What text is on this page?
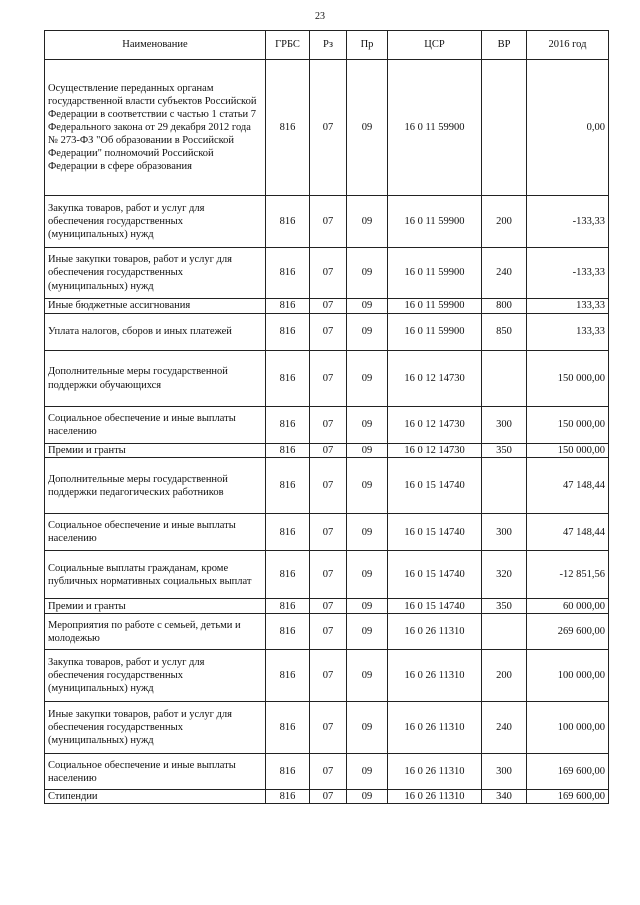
23
Наименование	ГРБС	Рз	Пр	ЦСР	ВР	2016 год
Осуществление переданных органам государственной власти субъектов Российской Федерации в соответствии с частью 1 статьи 7 Федерального закона от 29 декабря 2012 года № 273-ФЗ "Об образовании в Российской Федерации" полномочий Российской Федерации в сфере образования	816	07	09	16 0 11 59900		0,00
Закупка товаров, работ и услуг для обеспечения государственных (муниципальных) нужд	816	07	09	16 0 11 59900	200	-133,33
Иные закупки товаров, работ и услуг для обеспечения государственных (муниципальных) нужд	816	07	09	16 0 11 59900	240	-133,33
Иные бюджетные ассигнования	816	07	09	16 0 11 59900	800	133,33
Уплата налогов, сборов и иных платежей	816	07	09	16 0 11 59900	850	133,33
Дополнительные меры государственной поддержки обучающихся	816	07	09	16 0 12 14730		150 000,00
Социальное обеспечение и иные выплаты населению	816	07	09	16 0 12 14730	300	150 000,00
Премии и гранты	816	07	09	16 0 12 14730	350	150 000,00
Дополнительные меры государственной поддержки педагогических работников	816	07	09	16 0 15 14740		47 148,44
Социальное обеспечение и иные выплаты населению	816	07	09	16 0 15 14740	300	47 148,44
Социальные выплаты гражданам, кроме публичных нормативных социальных выплат	816	07	09	16 0 15 14740	320	-12 851,56
Премии и гранты	816	07	09	16 0 15 14740	350	60 000,00
Мероприятия по работе с семьей, детьми и молодежью	816	07	09	16 0 26 11310		269 600,00
Закупка товаров, работ и услуг для обеспечения государственных (муниципальных) нужд	816	07	09	16 0 26 11310	200	100 000,00
Иные закупки товаров, работ и услуг для обеспечения государственных (муниципальных) нужд	816	07	09	16 0 26 11310	240	100 000,00
Социальное обеспечение и иные выплаты населению	816	07	09	16 0 26 11310	300	169 600,00
Стипендии	816	07	09	16 0 26 11310	340	169 600,00
